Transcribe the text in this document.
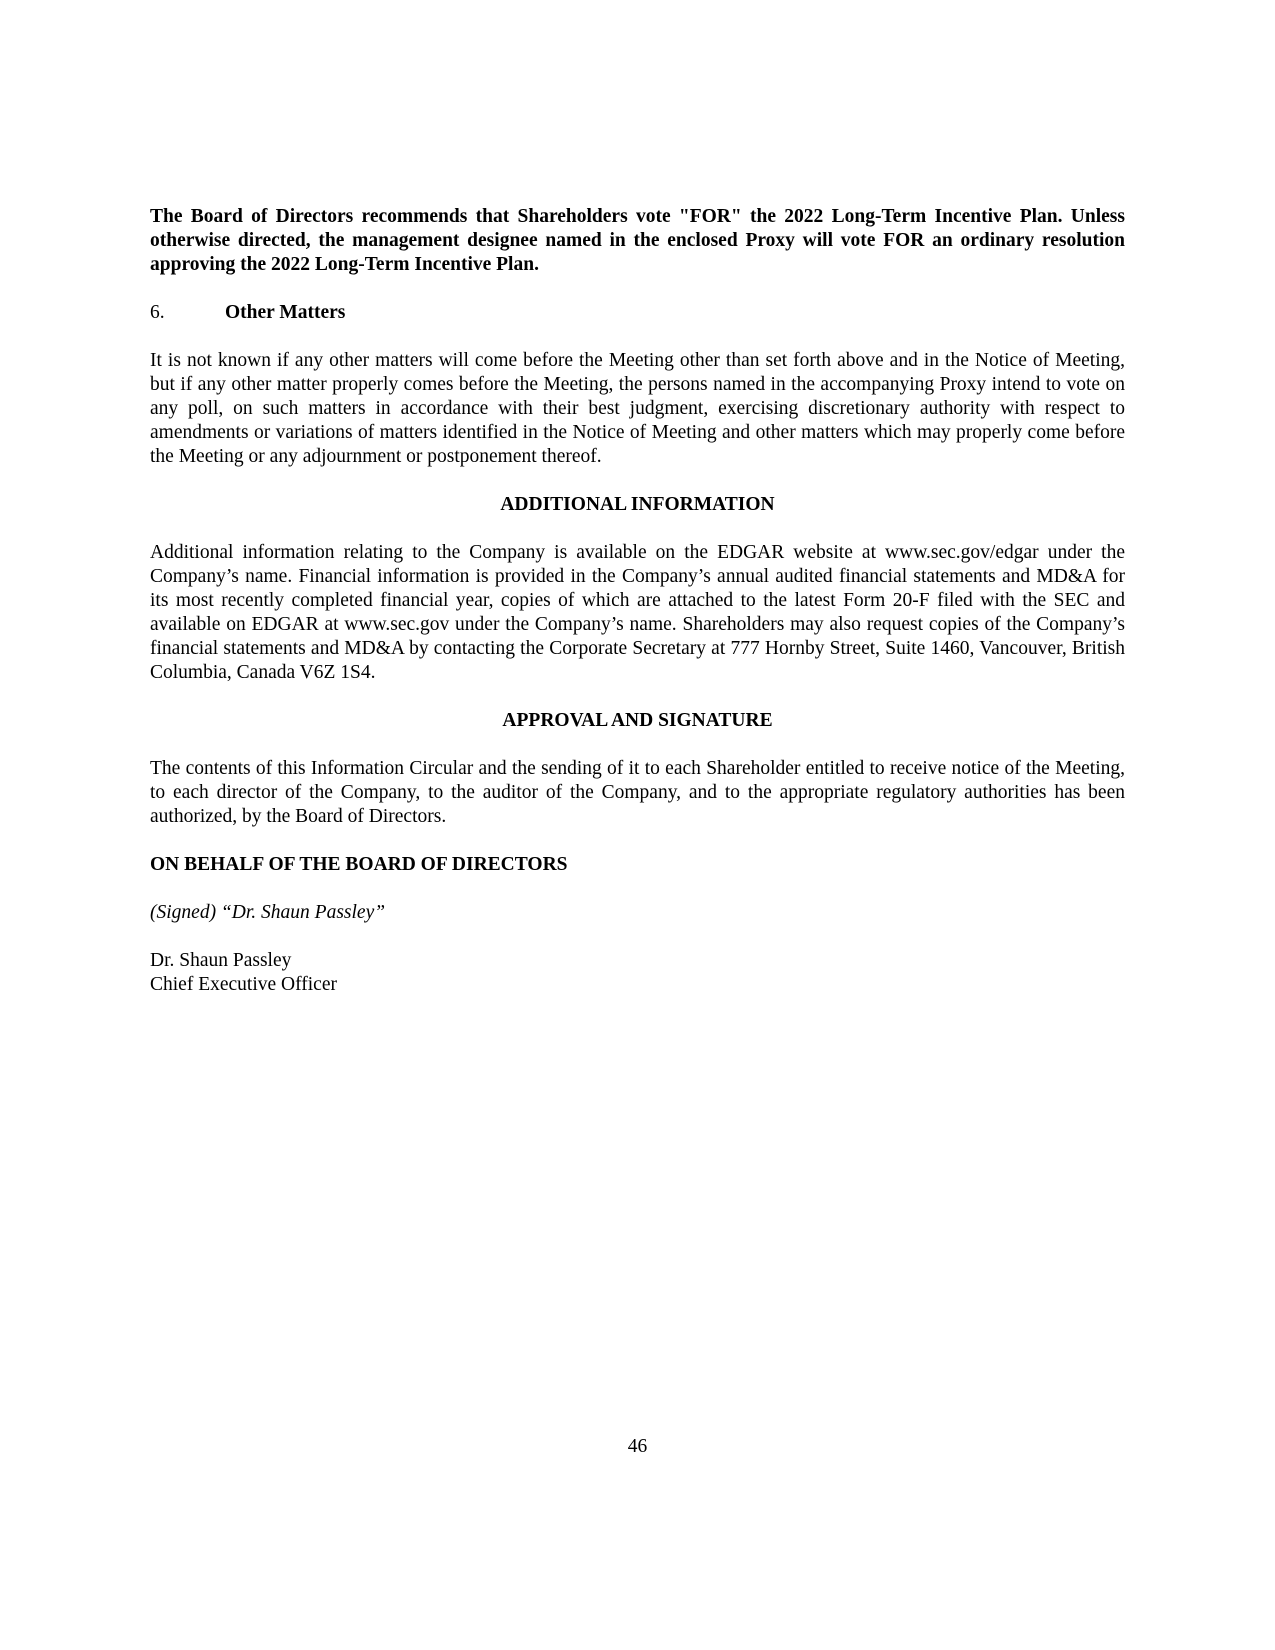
The Board of Directors recommends that Shareholders vote "FOR" the 2022 Long-Term Incentive Plan. Unless otherwise directed, the management designee named in the enclosed Proxy will vote FOR an ordinary resolution approving the 2022 Long-Term Incentive Plan.

6.	Other Matters

It is not known if any other matters will come before the Meeting other than set forth above and in the Notice of Meeting, but if any other matter properly comes before the Meeting, the persons named in the accompanying Proxy intend to vote on any poll, on such matters in accordance with their best judgment, exercising discretionary authority with respect to amendments or variations of matters identified in the Notice of Meeting and other matters which may properly come before the Meeting or any adjournment or postponement thereof.

ADDITIONAL INFORMATION

Additional information relating to the Company is available on the EDGAR website at www.sec.gov/edgar under the Company’s name. Financial information is provided in the Company’s annual audited financial statements and MD&A for its most recently completed financial year, copies of which are attached to the latest Form 20-F filed with the SEC and available on EDGAR at www.sec.gov under the Company’s name. Shareholders may also request copies of the Company’s financial statements and MD&A by contacting the Corporate Secretary at 777 Hornby Street, Suite 1460, Vancouver, British Columbia, Canada V6Z 1S4.

APPROVAL AND SIGNATURE

The contents of this Information Circular and the sending of it to each Shareholder entitled to receive notice of the Meeting, to each director of the Company, to the auditor of the Company, and to the appropriate regulatory authorities has been authorized, by the Board of Directors.

ON BEHALF OF THE BOARD OF DIRECTORS
(Signed) “Dr. Shaun Passley”

Dr. Shaun Passley

Chief Executive Officer

46
